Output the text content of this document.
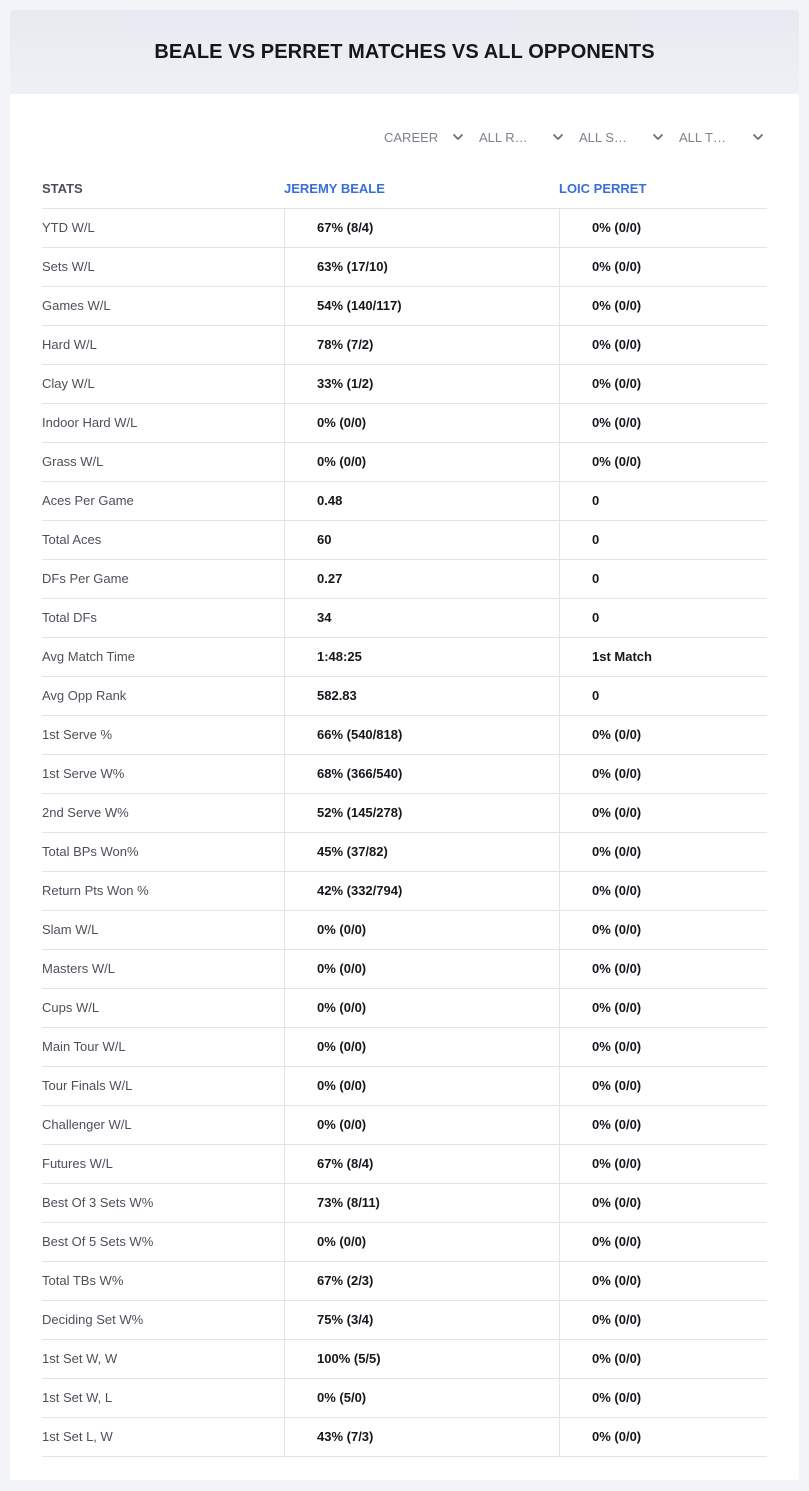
BEALE VS PERRET MATCHES VS ALL OPPONENTS
CAREER	ALL R…	ALL S…	ALL T…
STATS	JEREMY BEALE	LOIC PERRET
YTD W/L	67% (8/4)	0% (0/0)
Sets W/L	63% (17/10)	0% (0/0)
Games W/L	54% (140/117)	0% (0/0)
Hard W/L	78% (7/2)	0% (0/0)
Clay W/L	33% (1/2)	0% (0/0)
Indoor Hard W/L	0% (0/0)	0% (0/0)
Grass W/L	0% (0/0)	0% (0/0)
Aces Per Game	0.48	0
Total Aces	60	0
DFs Per Game	0.27	0
Total DFs	34	0
Avg Match Time	1:48:25	1st Match
Avg Opp Rank	582.83	0
1st Serve %	66% (540/818)	0% (0/0)
1st Serve W%	68% (366/540)	0% (0/0)
2nd Serve W%	52% (145/278)	0% (0/0)
Total BPs Won%	45% (37/82)	0% (0/0)
Return Pts Won %	42% (332/794)	0% (0/0)
Slam W/L	0% (0/0)	0% (0/0)
Masters W/L	0% (0/0)	0% (0/0)
Cups W/L	0% (0/0)	0% (0/0)
Main Tour W/L	0% (0/0)	0% (0/0)
Tour Finals W/L	0% (0/0)	0% (0/0)
Challenger W/L	0% (0/0)	0% (0/0)
Futures W/L	67% (8/4)	0% (0/0)
Best Of 3 Sets W%	73% (8/11)	0% (0/0)
Best Of 5 Sets W%	0% (0/0)	0% (0/0)
Total TBs W%	67% (2/3)	0% (0/0)
Deciding Set W%	75% (3/4)	0% (0/0)
1st Set W, W	100% (5/5)	0% (0/0)
1st Set W, L	0% (5/0)	0% (0/0)
1st Set L, W	43% (7/3)	0% (0/0)
